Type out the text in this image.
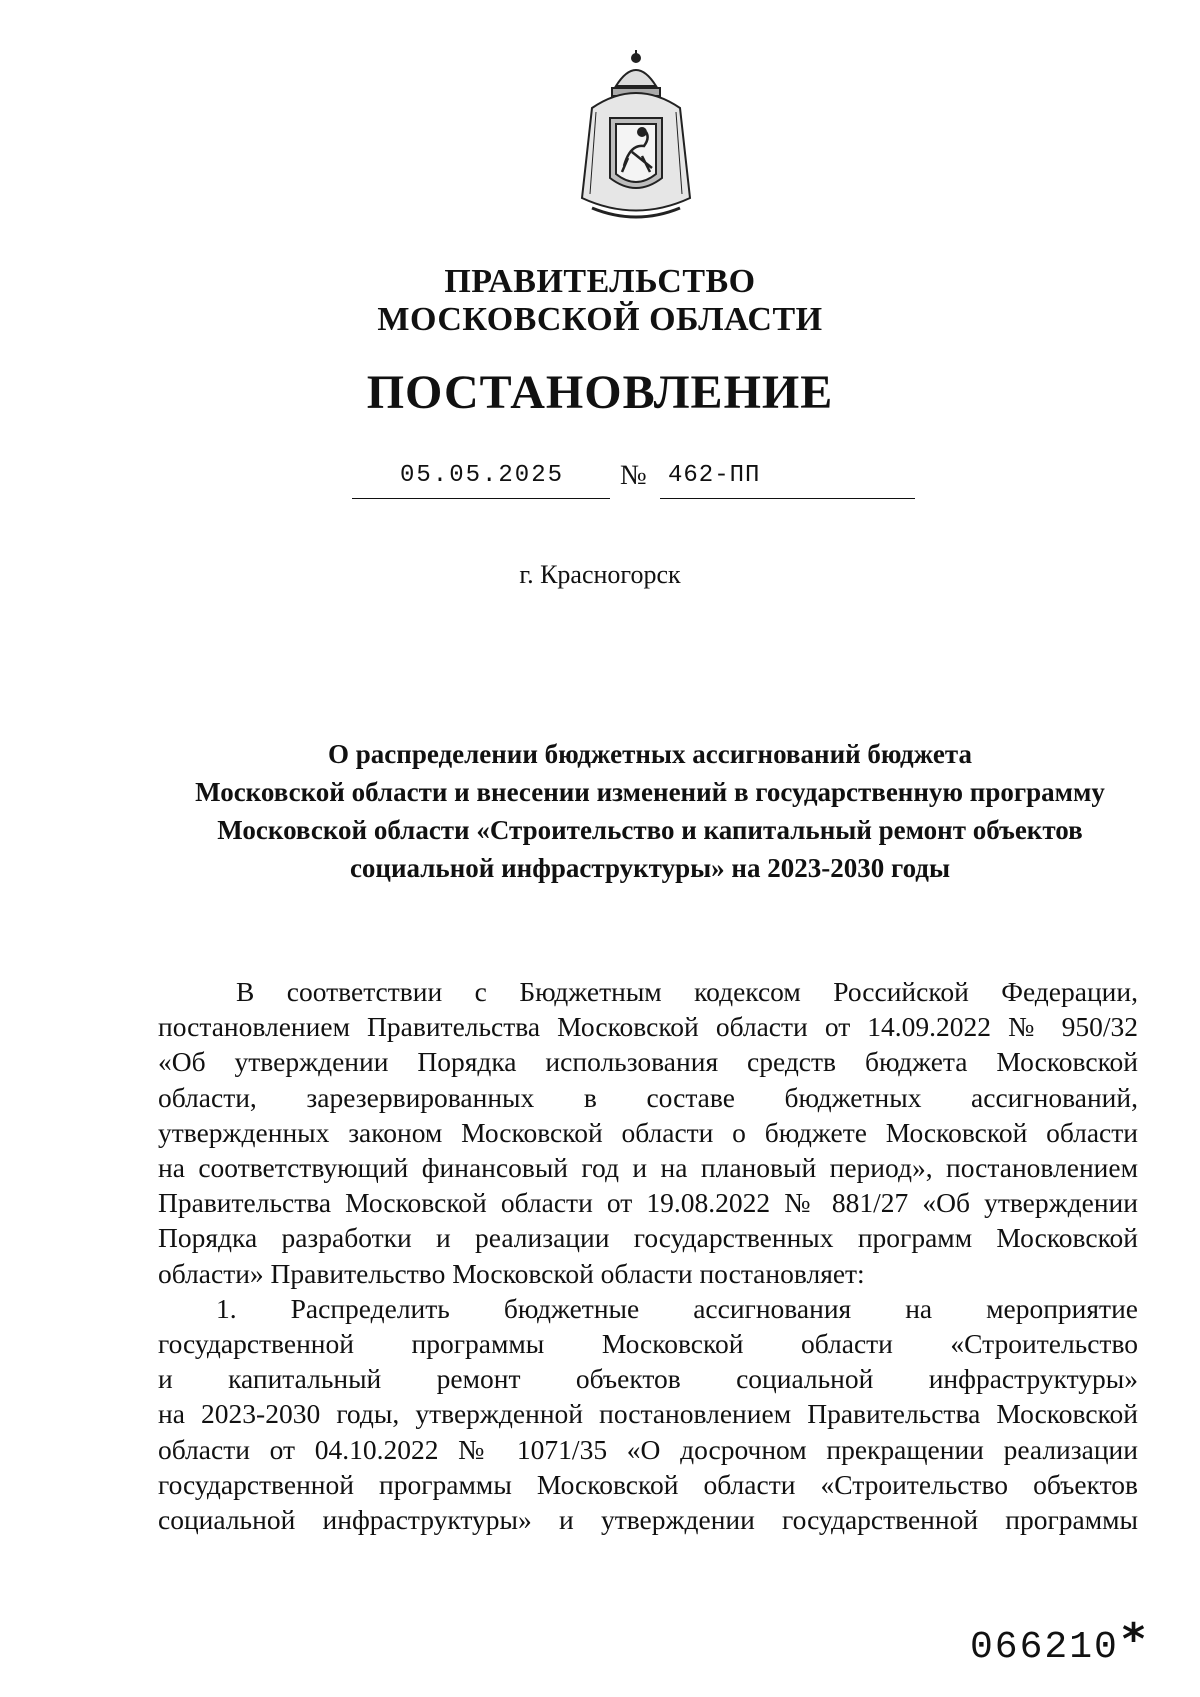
ПРАВИТЕЛЬСТВО
МОСКОВСКОЙ ОБЛАСТИ
ПОСТАНОВЛЕНИЕ
05.05.2025	№ 462-ПП
г. Красногорск
О распределении бюджетных ассигнований бюджета
Московской области и внесении изменений в государственную программу
Московской области «Строительство и капитальный ремонт объектов
социальной инфраструктуры» на 2023-2030 годы
В соответствии с Бюджетным кодексом Российской Федерации,
постановлением Правительства Московской области от 14.09.2022 № 950/32
«Об утверждении Порядка использования средств бюджета Московской
области, зарезервированных в составе бюджетных ассигнований,
утвержденных законом Московской области о бюджете Московской области
на соответствующий финансовый год и на плановый период», постановлением
Правительства Московской области от 19.08.2022 № 881/27 «Об утверждении
Порядка разработки и реализации государственных программ Московской
области» Правительство Московской области постановляет:
1. Распределить бюджетные ассигнования на мероприятие
государственной программы Московской области «Строительство
и капитальный ремонт объектов социальной инфраструктуры»
на 2023-2030 годы, утвержденной постановлением Правительства Московской
области от 04.10.2022 № 1071/35 «О досрочном прекращении реализации
государственной программы Московской области «Строительство объектов
социальной инфраструктуры» и утверждении государственной программы
066210 *
